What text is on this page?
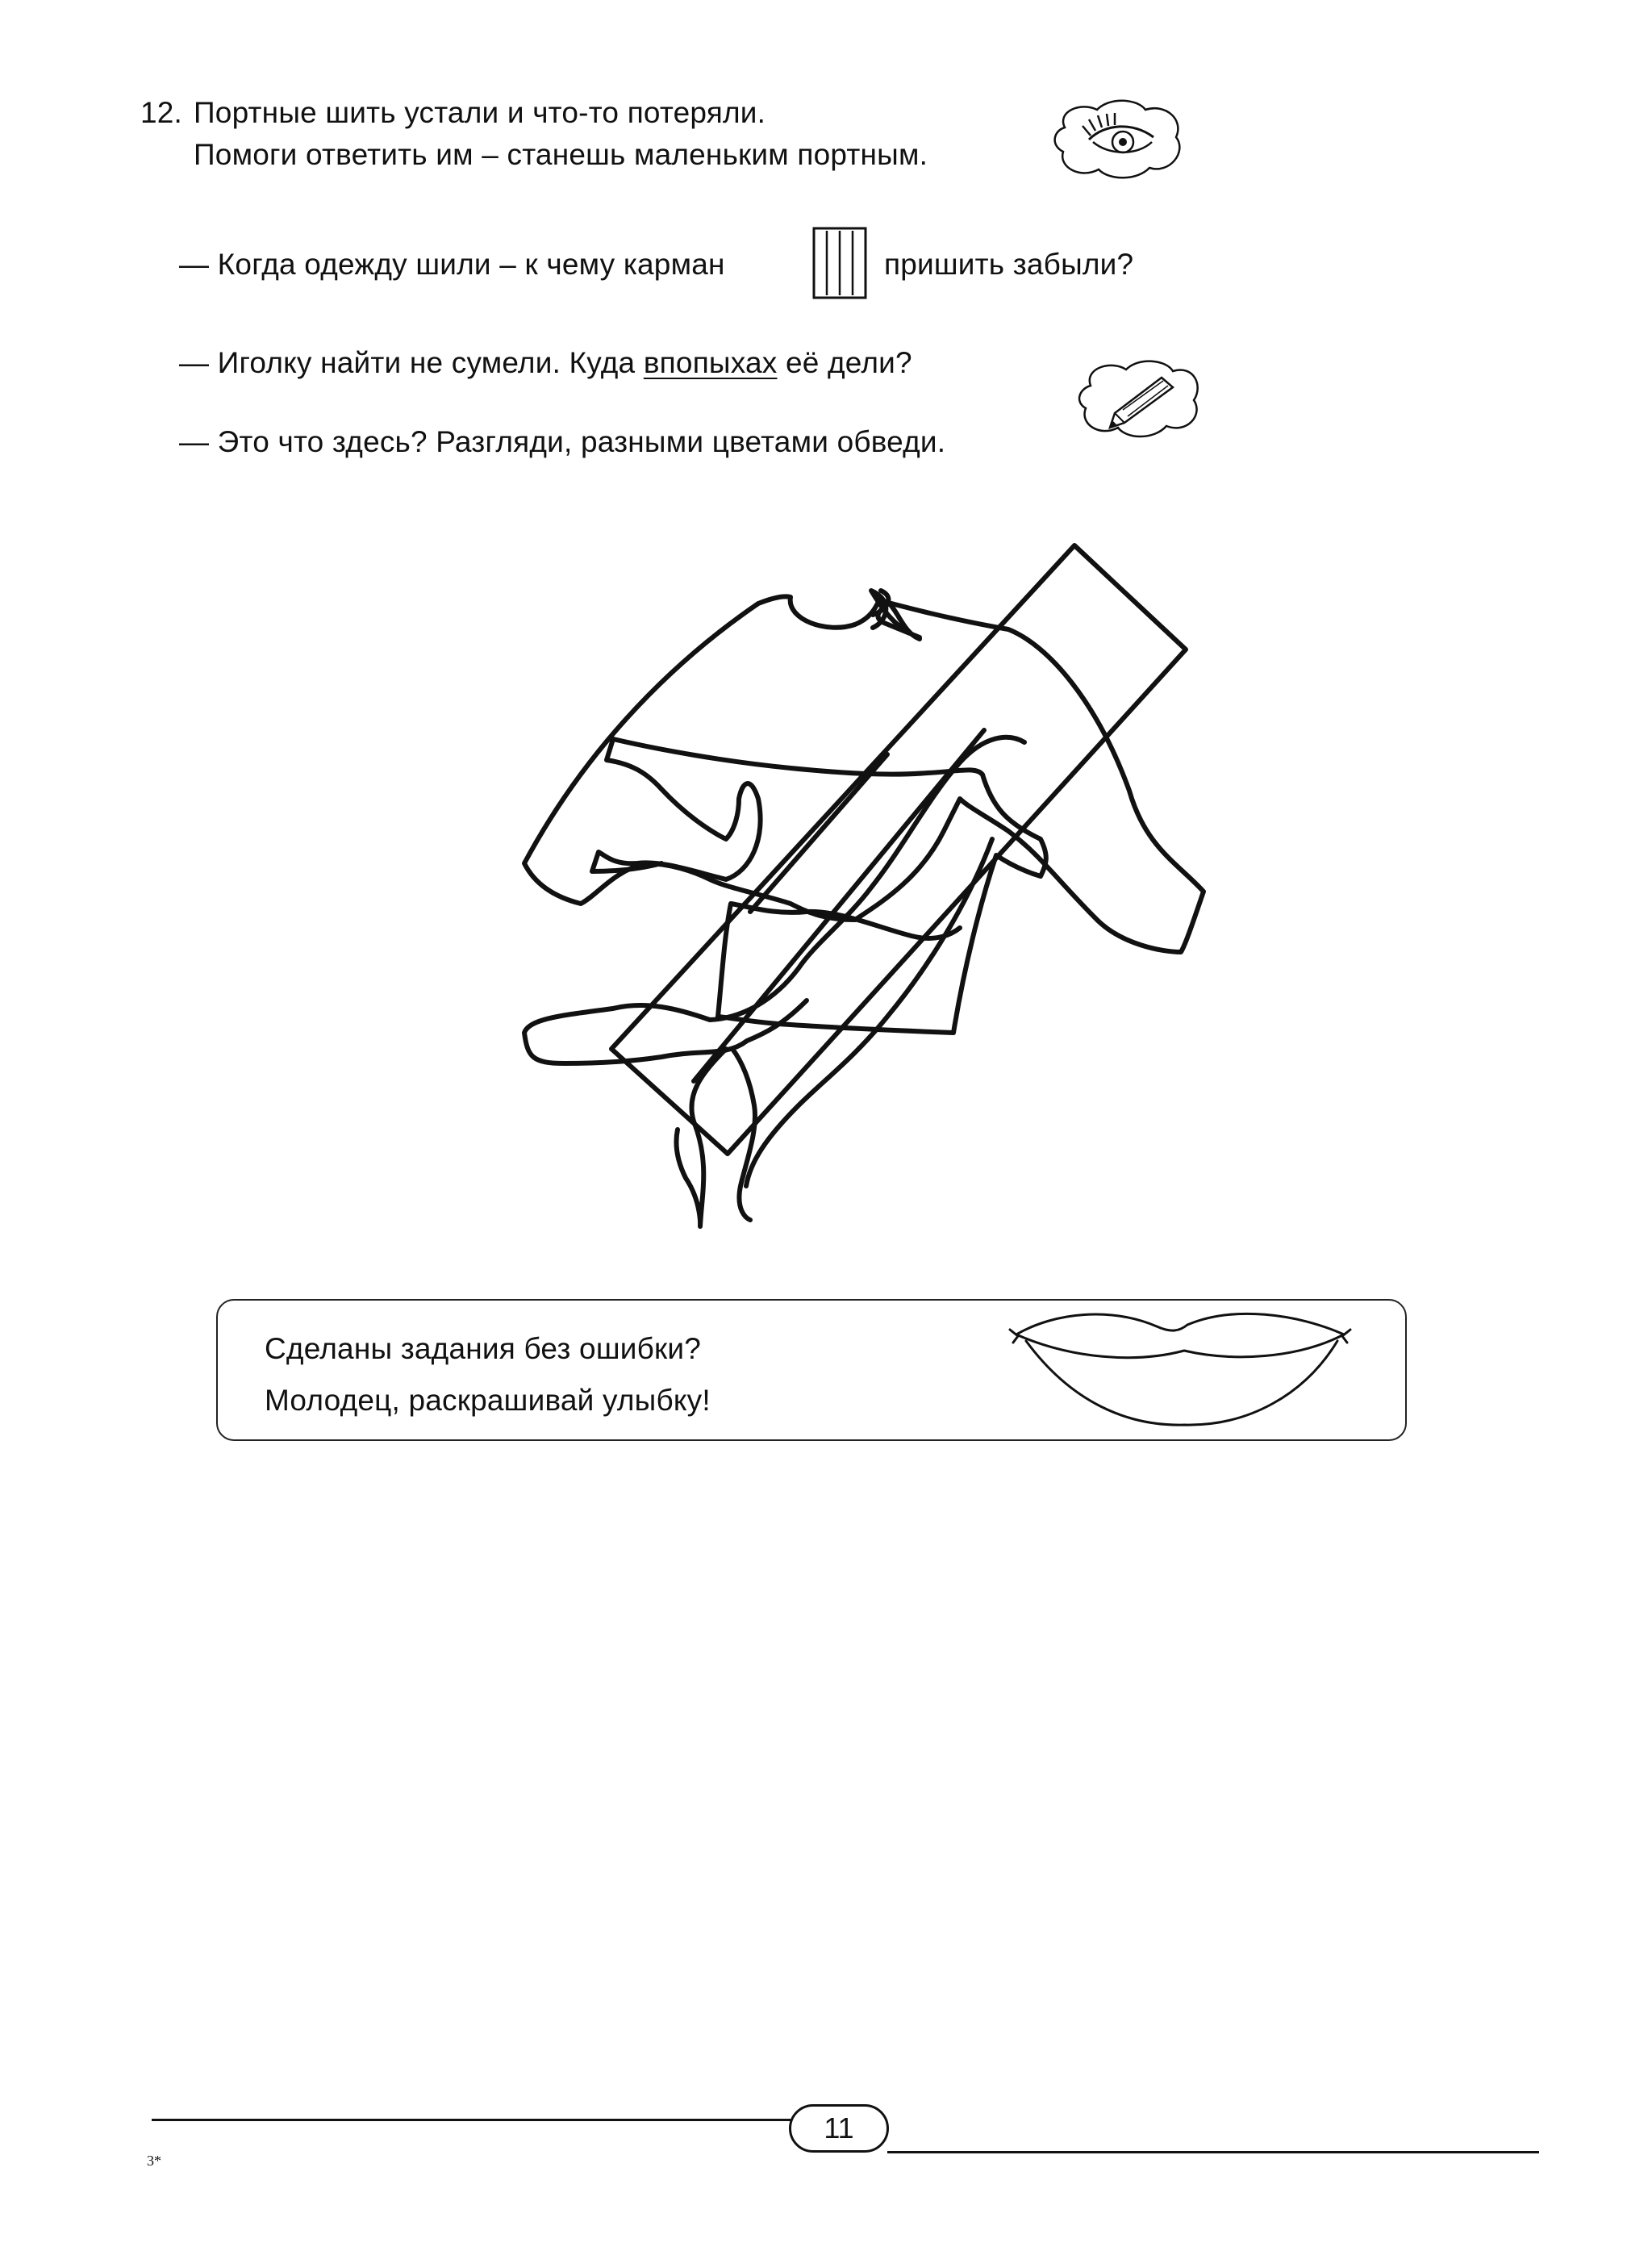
12. Портные шить устали и что-то потеряли.
Помоги ответить им – станешь маленьким портным.
— Когда одежду шили – к чему карман	пришить забыли?
— Иголку найти не сумели. Куда впопыхах её дели?
— Это что здесь? Разгляди, разными цветами обведи.
Сделаны задания без ошибки?
Молодец, раскрашивай улыбку!
11
3*
